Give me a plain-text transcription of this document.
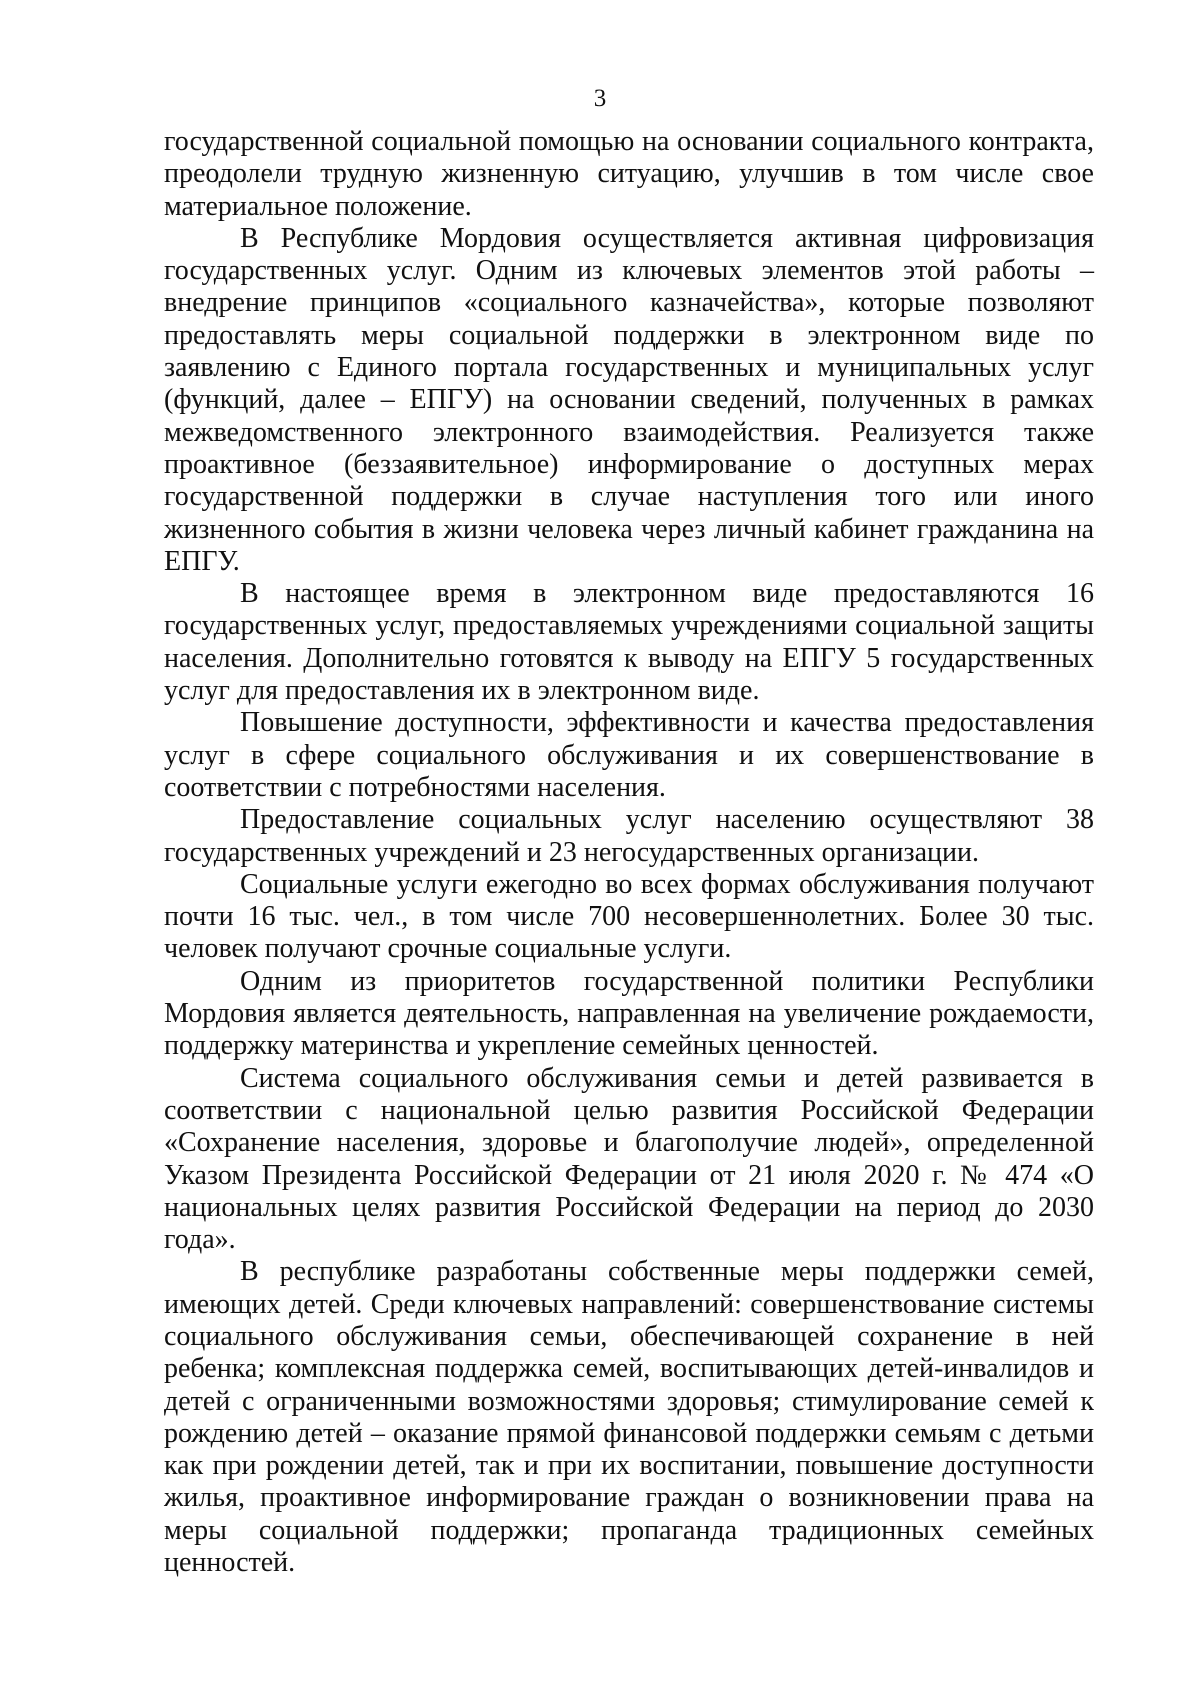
3

государственной социальной помощью на основании социального контракта, преодолели трудную жизненную ситуацию, улучшив в том числе свое материальное положение.

В Республике Мордовия осуществляется активная цифровизация государственных услуг. Одним из ключевых элементов этой работы – внедрение принципов «социального казначейства», которые позволяют предоставлять меры социальной поддержки в электронном виде по заявлению с Единого портала государственных и муниципальных услуг (функций, далее – ЕПГУ) на основании сведений, полученных в рамках межведомственного электронного взаимодействия. Реализуется также проактивное (беззаявительное) информирование о доступных мерах государственной поддержки в случае наступления того или иного жизненного события в жизни человека через личный кабинет гражданина на ЕПГУ.

В настоящее время в электронном виде предоставляются 16 государственных услуг, предоставляемых учреждениями социальной защиты населения. Дополнительно готовятся к выводу на ЕПГУ 5 государственных услуг для предоставления их в электронном виде.

Повышение доступности, эффективности и качества предоставления услуг в сфере социального обслуживания и их совершенствование в соответствии с потребностями населения.

Предоставление социальных услуг населению осуществляют 38 государственных учреждений и 23 негосударственных организации.

Социальные услуги ежегодно во всех формах обслуживания получают почти 16 тыс. чел., в том числе 700 несовершеннолетних. Более 30 тыс. человек получают срочные социальные услуги.

Одним из приоритетов государственной политики Республики Мордовия является деятельность, направленная на увеличение рождаемости, поддержку материнства и укрепление семейных ценностей.

Система социального обслуживания семьи и детей развивается в соответствии с национальной целью развития Российской Федерации «Сохранение населения, здоровье и благополучие людей», определенной Указом Президента Российской Федерации от 21 июля 2020 г. № 474 «О национальных целях развития Российской Федерации на период до 2030 года».

В республике разработаны собственные меры поддержки семей, имеющих детей. Среди ключевых направлений: совершенствование системы социального обслуживания семьи, обеспечивающей сохранение в ней ребенка; комплексная поддержка семей, воспитывающих детей-инвалидов и детей с ограниченными возможностями здоровья; стимулирование семей к рождению детей – оказание прямой финансовой поддержки семьям с детьми как при рождении детей, так и при их воспитании, повышение доступности жилья, проактивное информирование граждан о возникновении права на меры социальной поддержки; пропаганда традиционных семейных ценностей.
